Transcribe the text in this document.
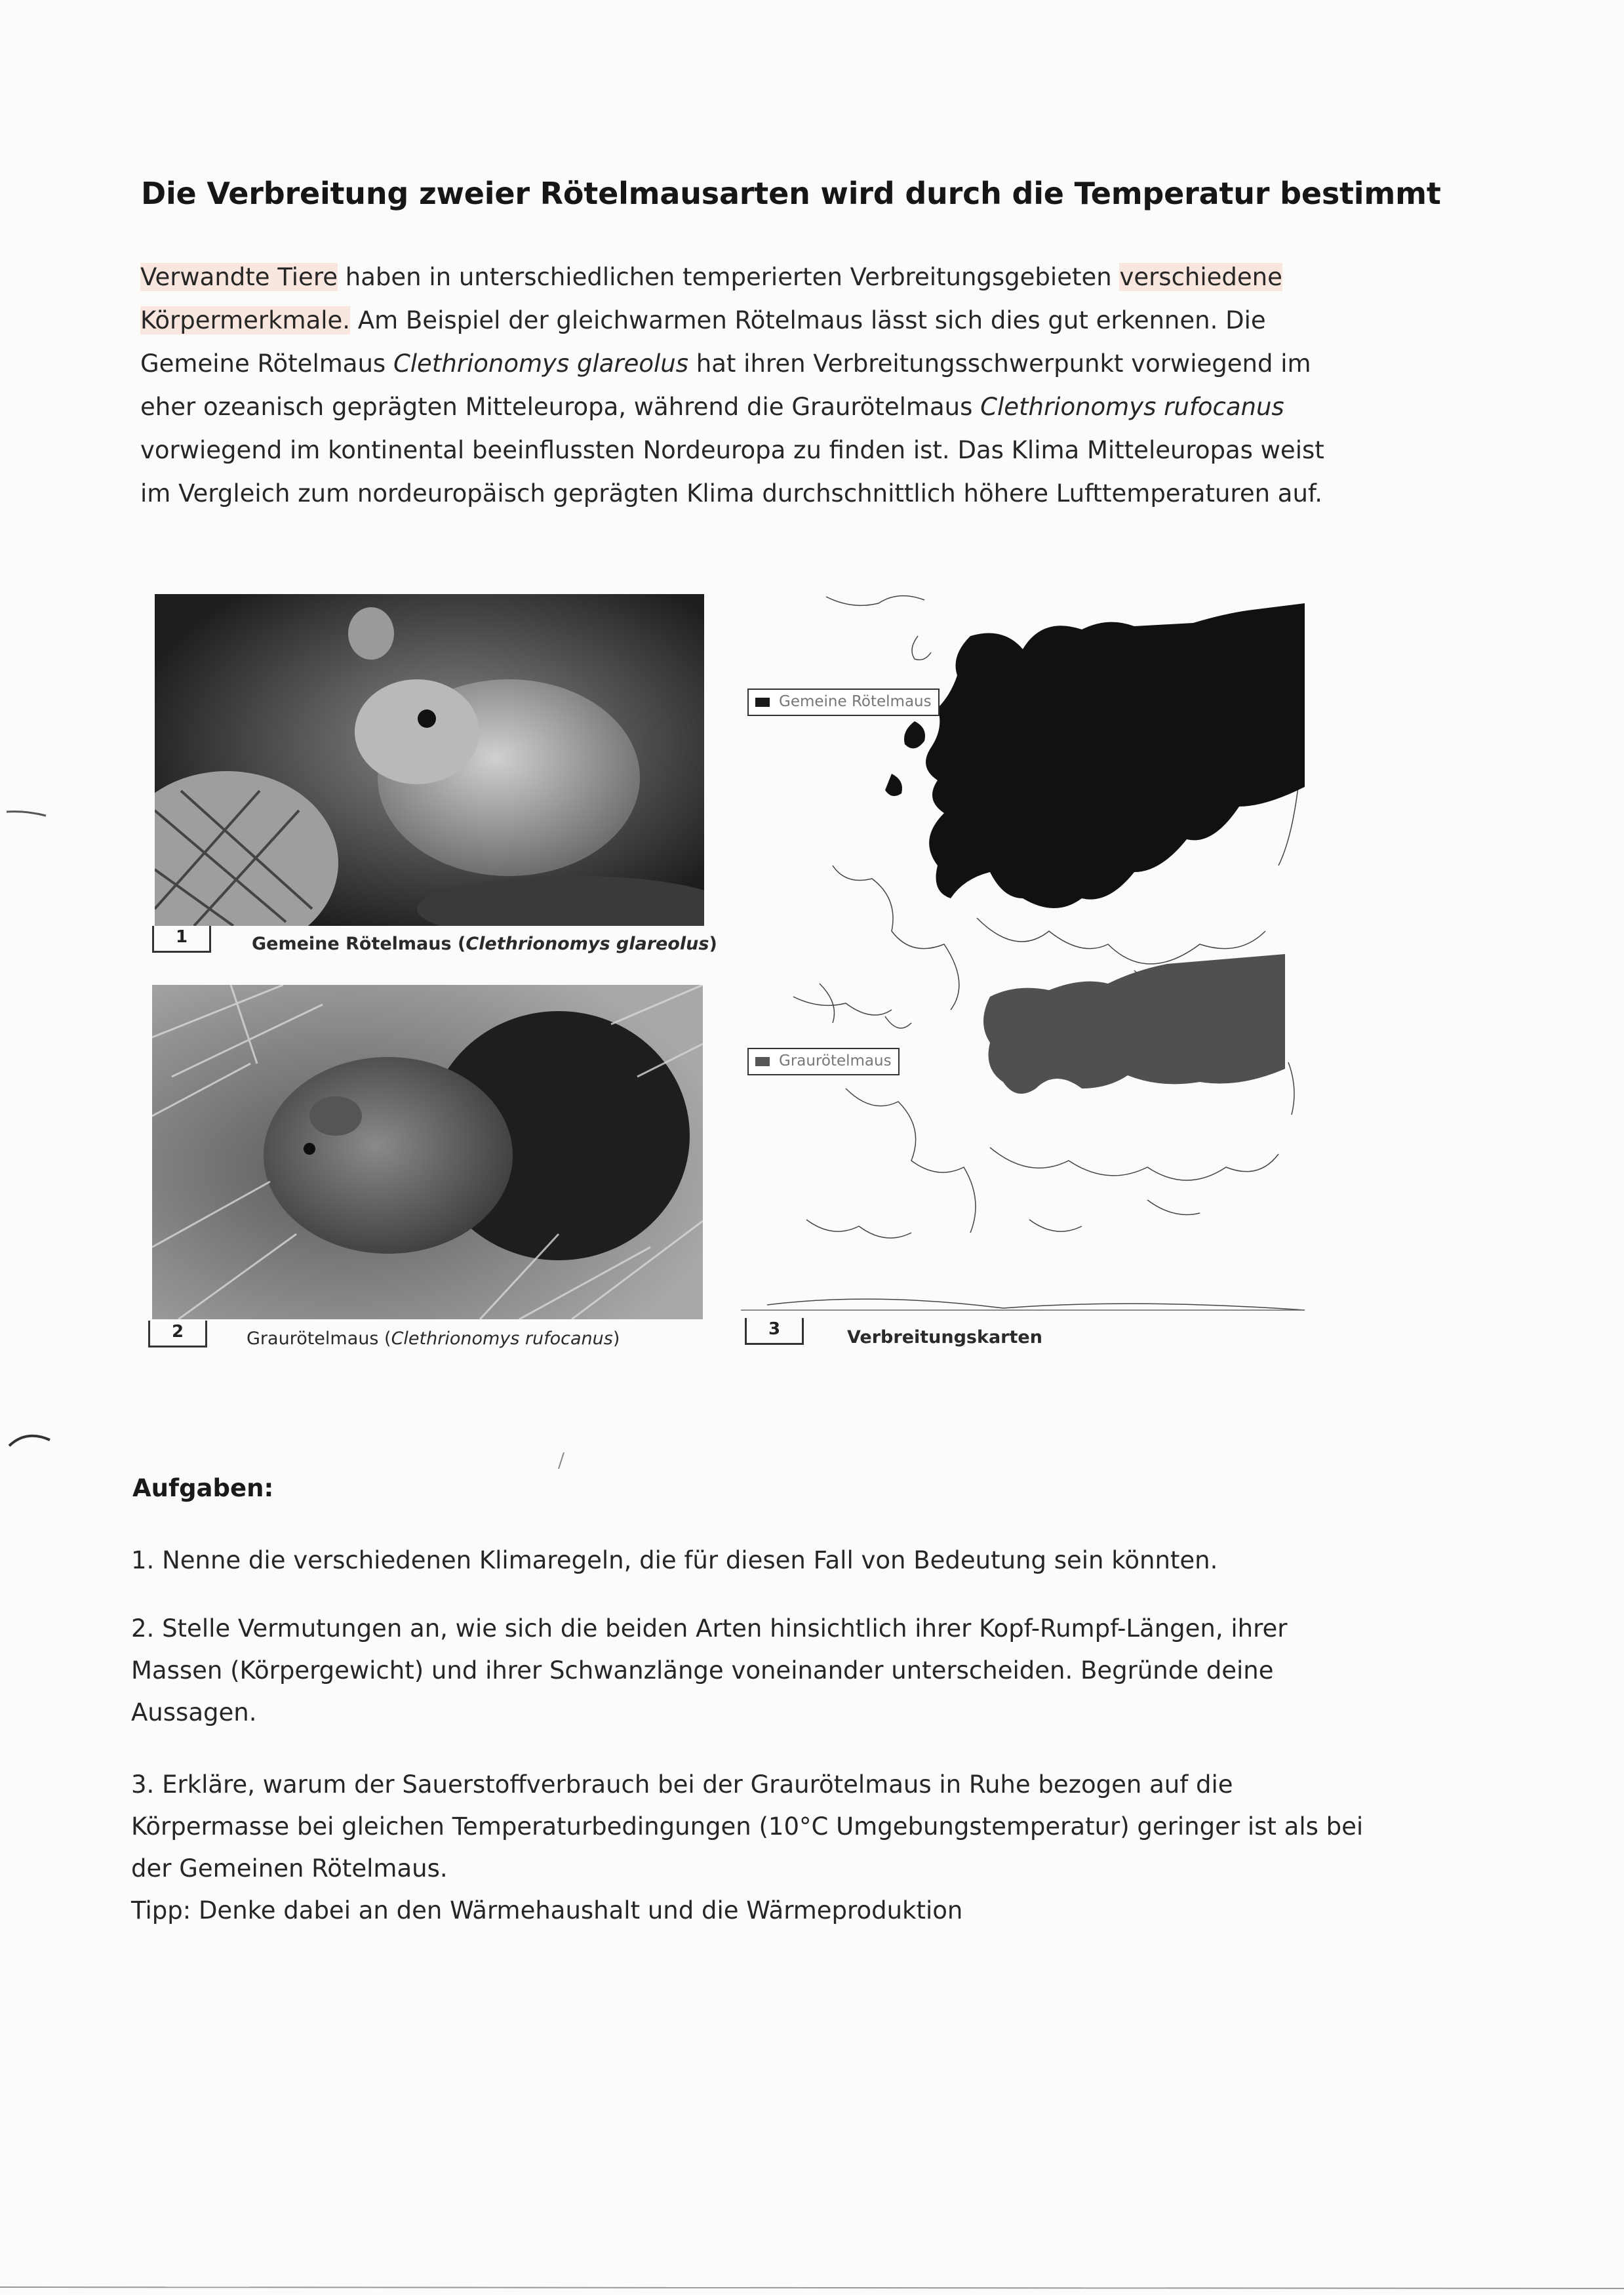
Die Verbreitung zweier Rötelmausarten wird durch die Temperatur bestimmt
Verwandte Tiere haben in unterschiedlichen temperierten Verbreitungsgebieten verschiedene
Körpermerkmale. Am Beispiel der gleichwarmen Rötelmaus lässt sich dies gut erkennen. Die
Gemeine Rötelmaus Clethrionomys glareolus hat ihren Verbreitungsschwerpunkt vorwiegend im
eher ozeanisch geprägten Mitteleuropa, während die Graurötelmaus Clethrionomys rufocanus
vorwiegend im kontinental beeinflussten Nordeuropa zu finden ist. Das Klima Mitteleuropas weist
im Vergleich zum nordeuropäisch geprägten Klima durchschnittlich höhere Lufttemperaturen auf.
1	Gemeine Rötelmaus (Clethrionomys glareolus)
2	Graurötelmaus (Clethrionomys rufocanus)
Gemeine Rötelmaus
Graurötelmaus
3	Verbreitungskarten
Aufgaben:
1. Nenne die verschiedenen Klimaregeln, die für diesen Fall von Bedeutung sein könnten.
2. Stelle Vermutungen an, wie sich die beiden Arten hinsichtlich ihrer Kopf-Rumpf-Längen, ihrer
Massen (Körpergewicht) und ihrer Schwanzlänge voneinander unterscheiden. Begründe deine
Aussagen.
3. Erkläre, warum der Sauerstoffverbrauch bei der Graurötelmaus in Ruhe bezogen auf die
Körpermasse bei gleichen Temperaturbedingungen (10°C Umgebungstemperatur) geringer ist als bei
der Gemeinen Rötelmaus.
Tipp: Denke dabei an den Wärmehaushalt und die Wärmeproduktion
